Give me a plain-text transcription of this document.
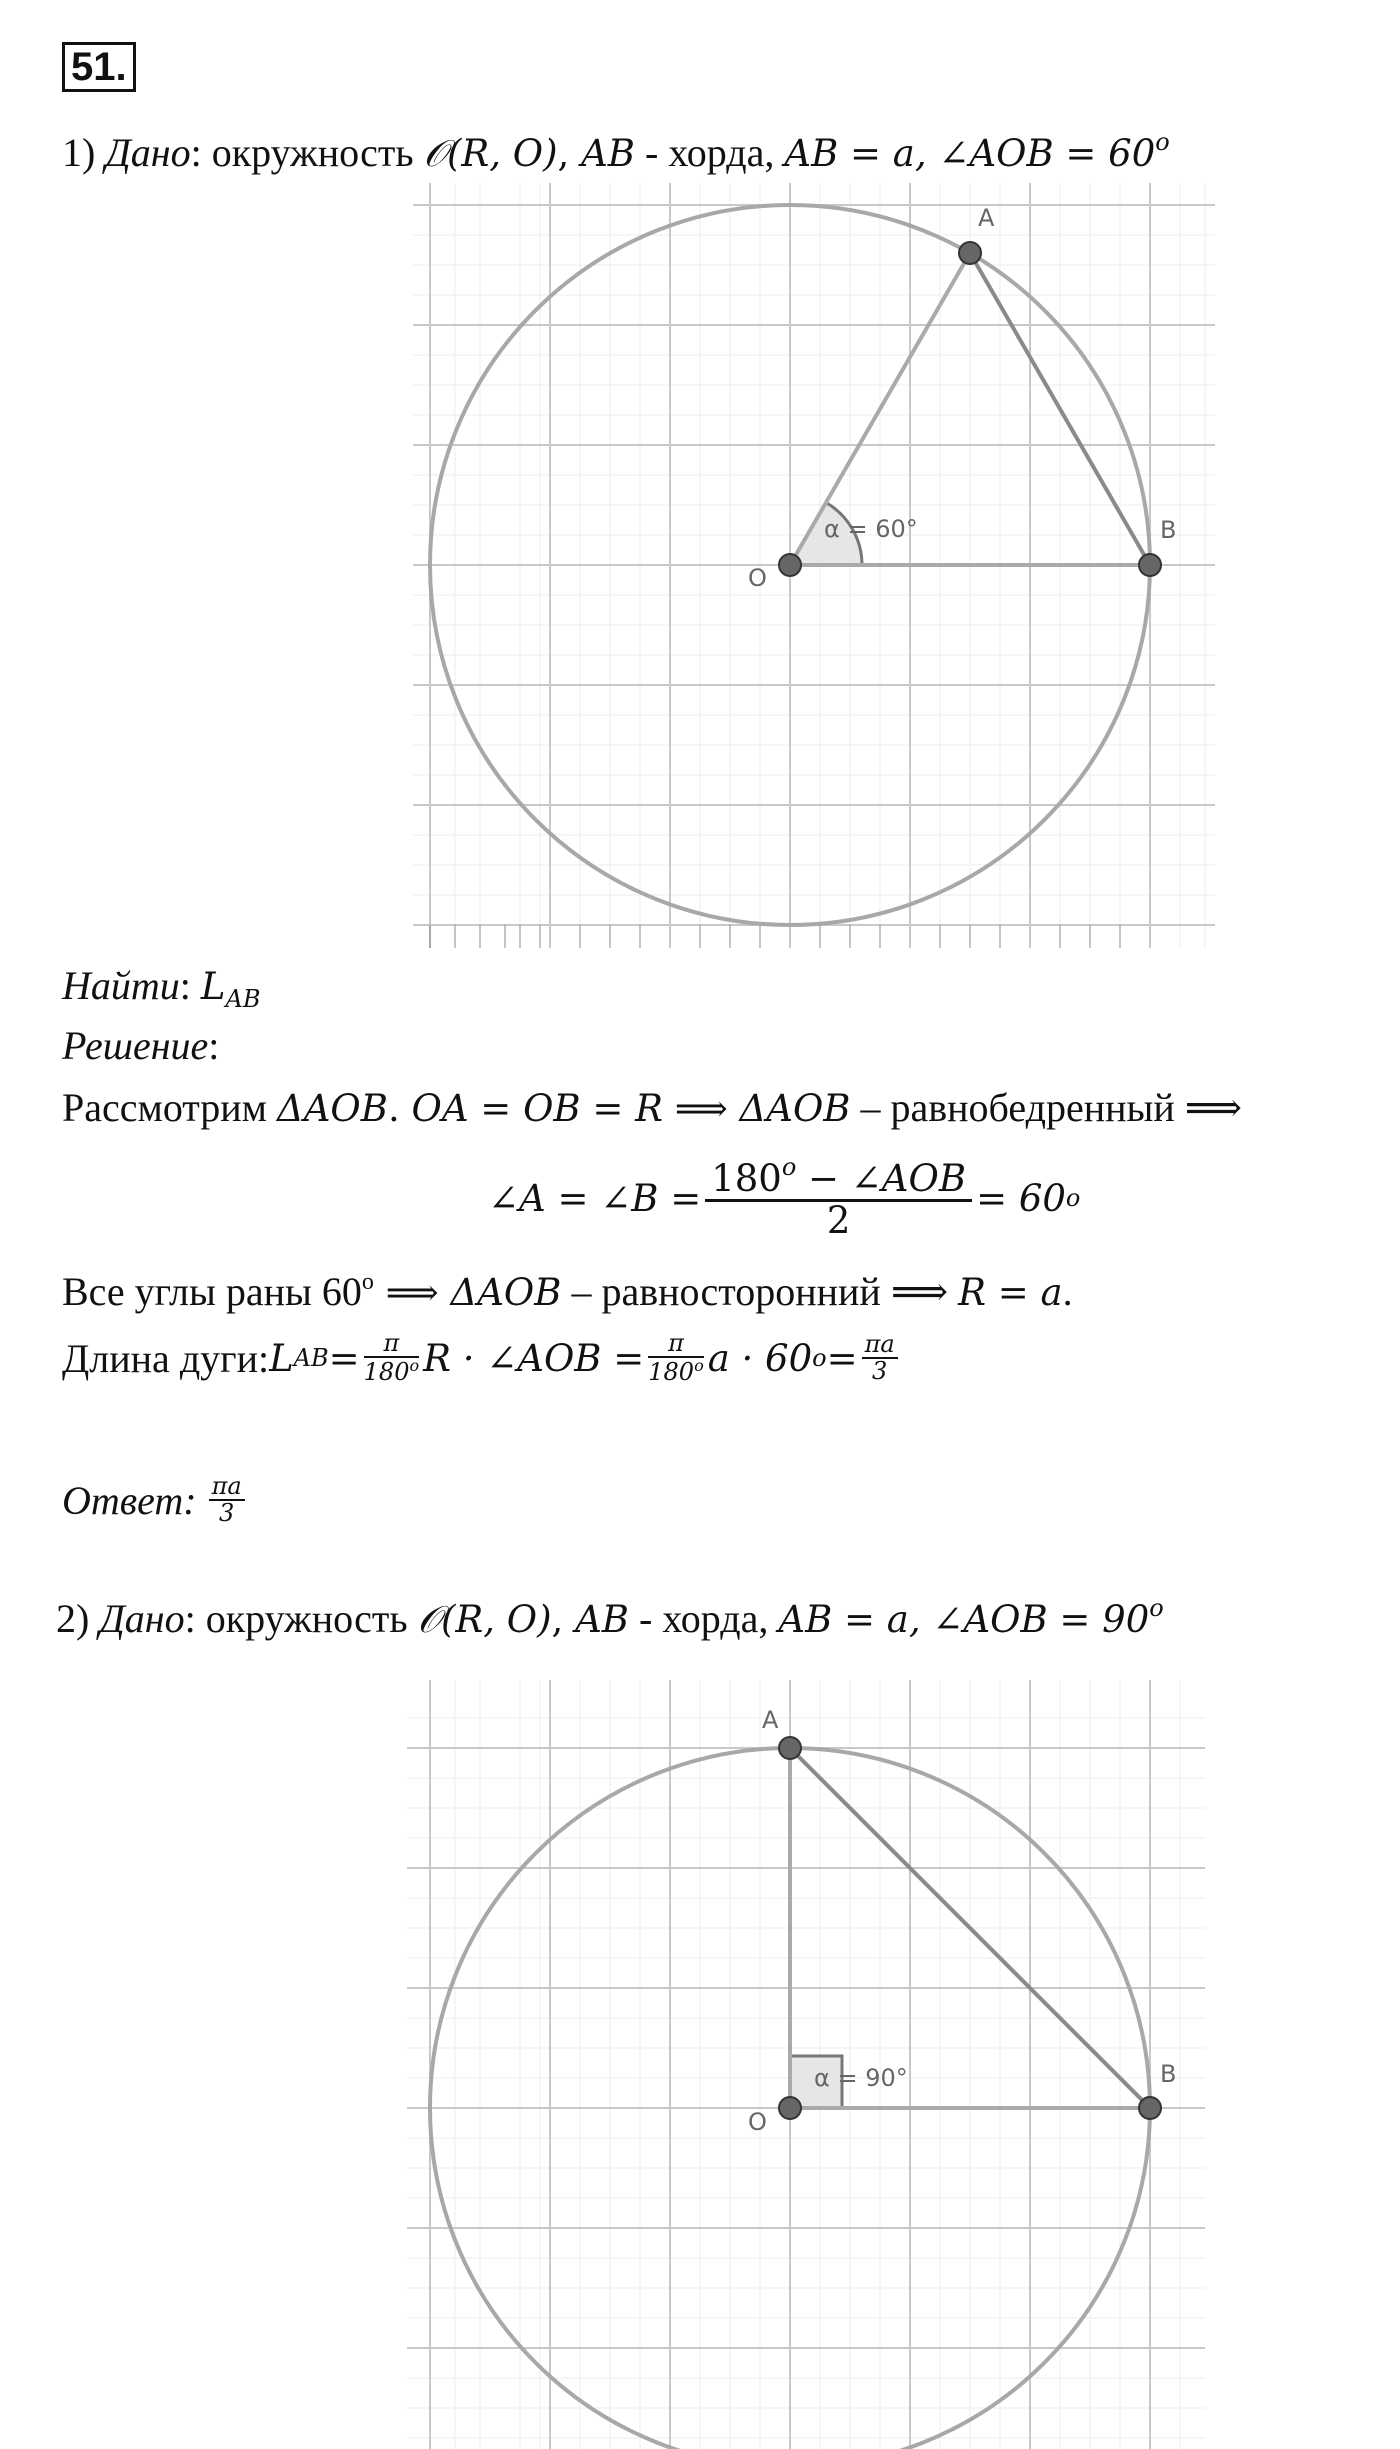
51.
1) Дано: окружность 𝒪(R, O), AB - хорда, AB = a, ∠AOB = $60^o$
A
B
O
α = 60°
Найти: $L_{AB}$
Решение:
Рассмотрим ΔAOB. OA = OB = R ⟹ ΔAOB – равнобедренный ⟹
∠A = ∠B = $\frac{180^o - \angle AOB}{2} = 60$ o
Все углы раны 60$^o$ ⟹ ΔAOB – равносторонний ⟹ R = a.
Длина дуги: L AB = $\frac{\pi}{180^o}$ R · ∠AOB = $\frac{\pi}{180^o}$ a · 60 $o = \frac{\pi a}{3}$
Ответ: $\frac{\pi a}{3}$
2) Дано: окружность 𝒪(R, O), AB - хорда, AB = a, ∠AOB = $90^o$
A
B
O
α = 90°
